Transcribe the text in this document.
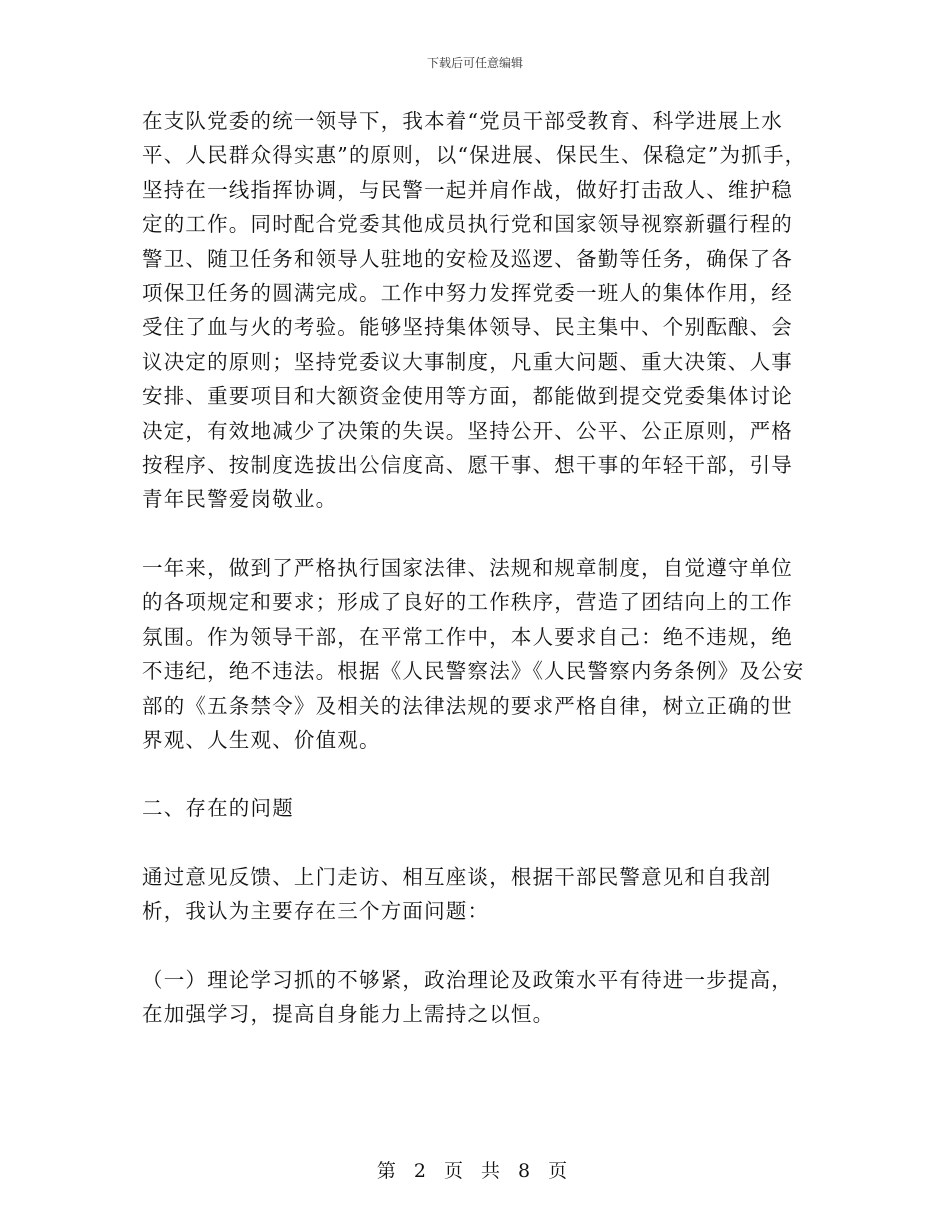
下载后可任意编辑

在支队党委的统一领导下，我本着“党员干部受教育、科学进展上水平、人民群众得实惠”的原则，以“保进展、保民生、保稳定”为抓手，坚持在一线指挥协调，与民警一起并肩作战，做好打击敌人、维护稳定的工作。同时配合党委其他成员执行党和国家领导视察新疆行程的警卫、随卫任务和领导人驻地的安检及巡逻、备勤等任务，确保了各项保卫任务的圆满完成。工作中努力发挥党委一班人的集体作用，经受住了血与火的考验。能够坚持集体领导、民主集中、个别酝酿、会议决定的原则；坚持党委议大事制度，凡重大问题、重大决策、人事安排、重要项目和大额资金使用等方面，都能做到提交党委集体讨论决定，有效地减少了决策的失误。坚持公开、公平、公正原则，严格按程序、按制度选拔出公信度高、愿干事、想干事的年轻干部，引导青年民警爱岗敬业。

一年来，做到了严格执行国家法律、法规和规章制度，自觉遵守单位的各项规定和要求；形成了良好的工作秩序，营造了团结向上的工作氛围。作为领导干部，在平常工作中，本人要求自己：绝不违规，绝不违纪，绝不违法。根据《人民警察法》《人民警察内务条例》及公安部的《五条禁令》及相关的法律法规的要求严格自律，树立正确的世界观、人生观、价值观。

二、存在的问题

通过意见反馈、上门走访、相互座谈，根据干部民警意见和自我剖析，我认为主要存在三个方面问题：

（一）理论学习抓的不够紧，政治理论及政策水平有待进一步提高，在加强学习，提高自身能力上需持之以恒。

第 2 页 共 8 页
